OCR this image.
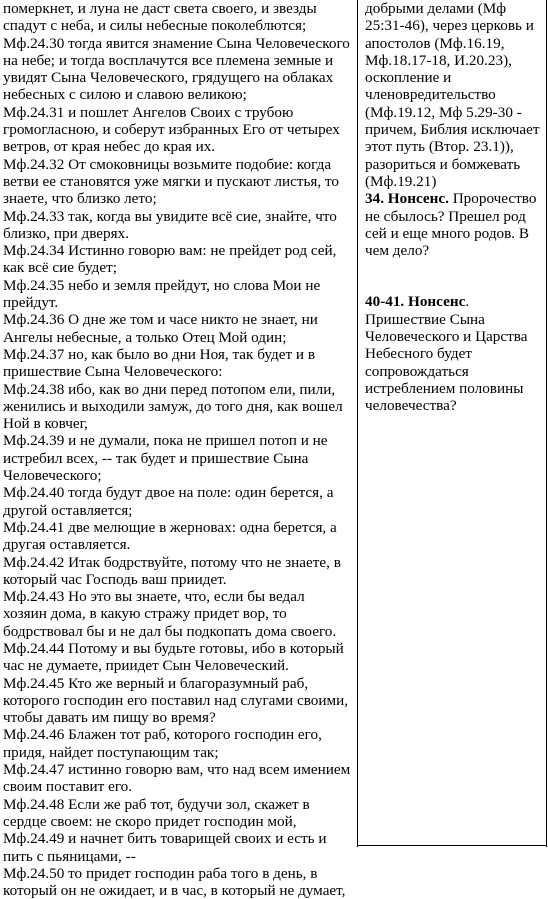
померкнет, и луна не даст света своего, и звезды спадут с неба, и силы небесные поколеблются;

Мф.24.30 тогда явится знамение Сына Человеческого на небе; и тогда восплачутся все племена земные и увидят Сына Человеческого, грядущего на облаках небесных с силою и славою великою;

Мф.24.31 и пошлет Ангелов Своих с трубою громогласною, и соберут избранных Его от четырех ветров, от края небес до края их.

Мф.24.32 От смоковницы возьмите подобие: когда ветви ее становятся уже мягки и пускают листья, то знаете, что близко лето;

Мф.24.33 так, когда вы увидите всё сие, знайте, что близко, при дверях.

Мф.24.34 Истинно говорю вам: не прейдет род сей, как всё сие будет;

Мф.24.35 небо и земля прейдут, но слова Мои не прейдут.

Мф.24.36 О дне же том и часе никто не знает, ни Ангелы небесные, а только Отец Мой один;

Мф.24.37 но, как было во дни Ноя, так будет и в пришествие Сына Человеческого:

Мф.24.38 ибо, как во дни перед потопом ели, пили, женились и выходили замуж, до того дня, как вошел Ной в ковчег,

Мф.24.39 и не думали, пока не пришел потоп и не истребил всех, -- так будет и пришествие Сына Человеческого;

Мф.24.40 тогда будут двое на поле: один берется, а другой оставляется;

Мф.24.41 две мелющие в жерновах: одна берется, а другая оставляется.

Мф.24.42 Итак бодрствуйте, потому что не знаете, в который час Господь ваш приидет.

Мф.24.43 Но это вы знаете, что, если бы ведал хозяин дома, в какую стражу придет вор, то бодрствовал бы и не дал бы подкопать дома своего.

Мф.24.44 Потому и вы будьте готовы, ибо в который час не думаете, приидет Сын Человеческий.

Мф.24.45 Кто же верный и благоразумный раб, которого господин его поставил над слугами своими, чтобы давать им пищу во время?

Мф.24.46 Блажен тот раб, которого господин его, придя, найдет поступающим так;

Мф.24.47 истинно говорю вам, что над всем имением своим поставит его.

Мф.24.48 Если же раб тот, будучи зол, скажет в сердце своем: не скоро придет господин мой,

Мф.24.49 и начнет бить товарищей своих и есть и пить с пьяницами, --

Мф.24.50 то придет господин раба того в день, в который он не ожидает, и в час, в который не думает,

добрыми делами (Мф 25:31-46), через церковь и апостолов (Мф.16.19, Мф.18.17-18, И.20.23), оскопление и членовредительство (Мф.19.12, Мф 5.29-30 - причем, Библия исключает этот путь (Втор. 23.1)), разориться и бомжевать (Мф.19.21)

34. Нонсенс. Пророчество не сбылось? Прешел род сей и еще много родов. В чем дело?

40-41. Нонсенс. Пришествие Сына Человеческого и Царства Небесного будет сопровождаться истреблением половины человечества?
